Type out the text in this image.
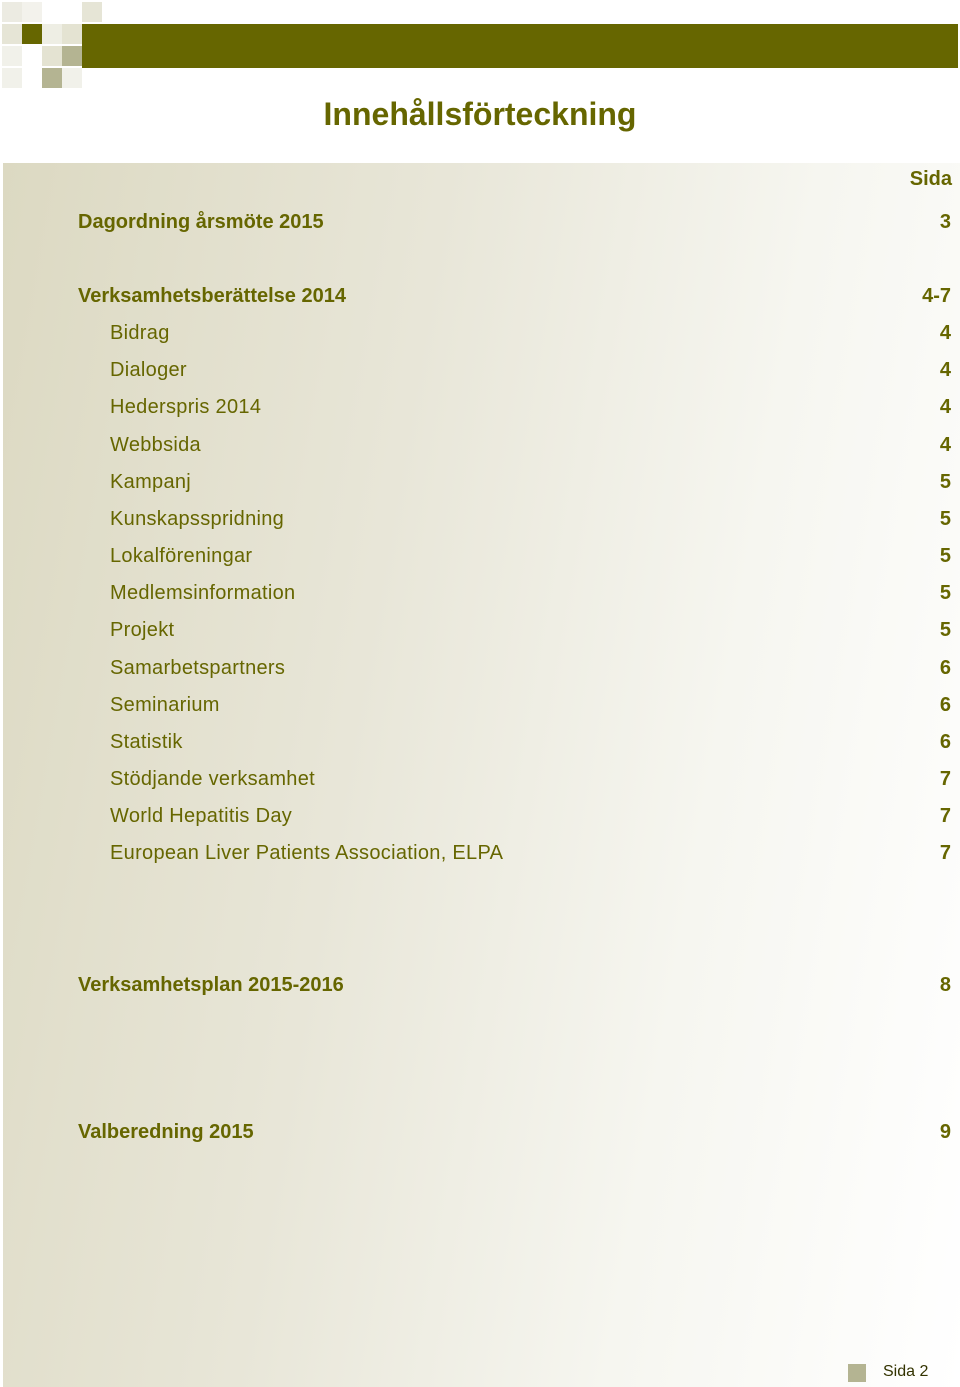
Innehållsförteckning
Sida
Dagordning årsmöte 2015	3
Verksamhetsberättelse 2014	4-7
Bidrag	4
Dialoger	4
Hederspris 2014	4
Webbsida	4
Kampanj	5
Kunskapsspridning	5
Lokalföreningar	5
Medlemsinformation	5
Projekt	5
Samarbetspartners	6
Seminarium	6
Statistik	6
Stödjande verksamhet	7
World Hepatitis Day	7
European Liver Patients Association, ELPA	7
Verksamhetsplan 2015-2016	8
Valberedning 2015	9
Sida 2
